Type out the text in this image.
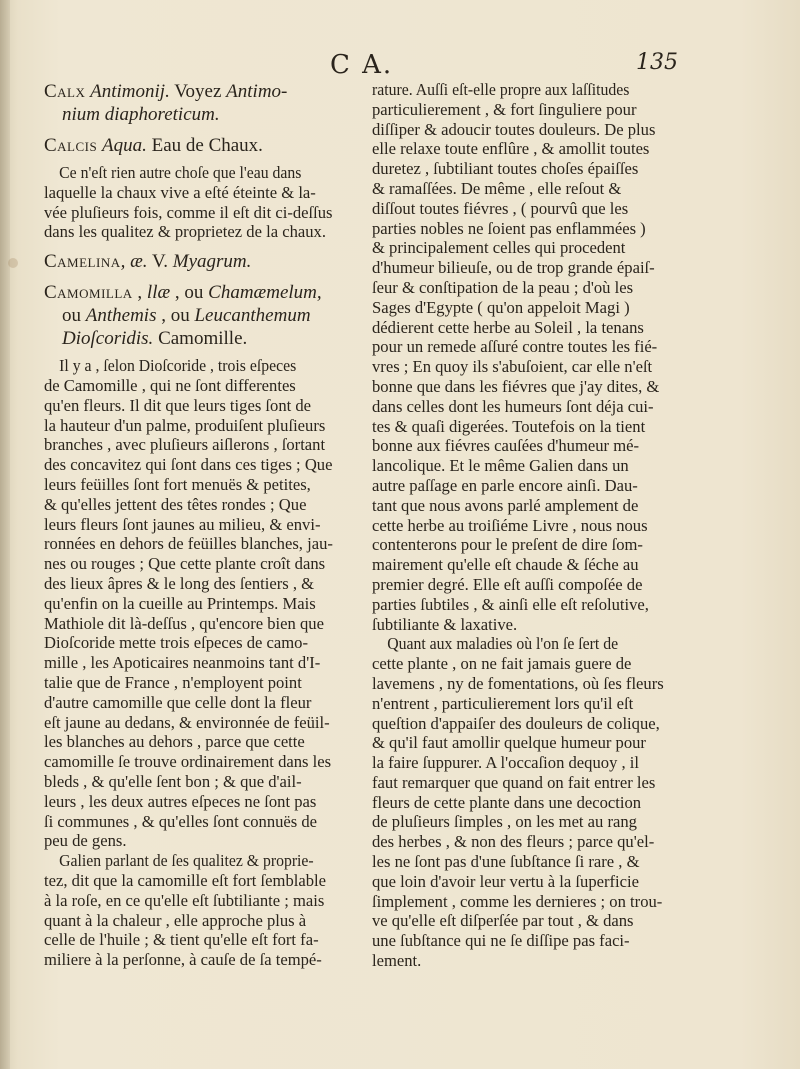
C A.	135
Calx Antimonij. Voyez Antimo-
nium diaphoreticum.
Calcis Aqua. Eau de Chaux.

Ce n'eſt rien autre choſe que l'eau dans
laquelle la chaux vive a eſté éteinte & la-
vée pluſieurs fois, comme il eſt dit ci-deſſus
dans les qualitez & proprietez de la chaux.

Camelina, æ. V. Myagrum.
Camomilla , llæ , ou Chamæmelum,
ou Anthemis , ou Leucanthemum
Dioſcoridis. Camomille.

Il y a , ſelon Dioſcoride , trois eſpeces
de Camomille , qui ne ſont differentes
qu'en fleurs. Il dit que leurs tiges ſont de
la hauteur d'un palme, produiſent pluſieurs
branches , avec pluſieurs aiſlerons , ſortant
des concavitez qui ſont dans ces tiges ; Que
leurs feüilles ſont fort menuës & petites,
& qu'elles jettent des têtes rondes ; Que
leurs fleurs ſont jaunes au milieu, & envi-
ronnées en dehors de feüilles blanches, jau-
nes ou rouges ; Que cette plante croît dans
des lieux âpres & le long des ſentiers , &
qu'enfin on la cueille au Printemps. Mais
Mathiole dit là-deſſus , qu'encore bien que
Dioſcoride mette trois eſpeces de camo-
mille , les Apoticaires neanmoins tant d'I-
talie que de France , n'employent point
d'autre camomille que celle dont la fleur
eſt jaune au dedans, & environnée de feüil-
les blanches au dehors , parce que cette
camomille ſe trouve ordinairement dans les
bleds , & qu'elle ſent bon ; & que d'ail-
leurs , les deux autres eſpeces ne ſont pas
ſi communes , & qu'elles ſont connuës de
peu de gens.

Galien parlant de ſes qualitez & proprie-
tez, dit que la camomille eſt fort ſemblable
à la roſe, en ce qu'elle eſt ſubtiliante ; mais
quant à la chaleur , elle approche plus à
celle de l'huile ; & tient qu'elle eſt fort fa-
miliere à la perſonne, à cauſe de ſa tempé-

rature. Auſſi eſt-elle propre aux laſſitudes
particulierement , & fort ſinguliere pour
diſſiper & adoucir toutes douleurs. De plus
elle relaxe toute enflûre , & amollit toutes
duretez , ſubtiliant toutes choſes épaiſſes
& ramaſſées. De même , elle reſout &
diſſout toutes fiévres , ( pourvû que les
parties nobles ne ſoient pas enflammées )
& principalement celles qui procedent
d'humeur bilieuſe, ou de trop grande épaiſ-
ſeur & conſtipation de la peau ; d'où les
Sages d'Egypte ( qu'on appeloit Magi )
dédierent cette herbe au Soleil , la tenans
pour un remede aſſuré contre toutes les fié-
vres ; En quoy ils s'abuſoient, car elle n'eſt
bonne que dans les fiévres que j'ay dites, &
dans celles dont les humeurs ſont déja cui-
tes & quaſi digerées. Toutefois on la tient
bonne aux fiévres cauſées d'humeur mé-
lancolique. Et le même Galien dans un
autre paſſage en parle encore ainſi. Dau-
tant que nous avons parlé amplement de
cette herbe au troiſiéme Livre , nous nous
contenterons pour le preſent de dire ſom-
mairement qu'elle eſt chaude & ſéche au
premier degré. Elle eſt auſſi compoſée de
parties ſubtiles , & ainſi elle eſt reſolutive,
ſubtiliante & laxative.

Quant aux maladies où l'on ſe ſert de
cette plante , on ne fait jamais guere de
lavemens , ny de fomentations, où ſes fleurs
n'entrent , particulierement lors qu'il eſt
queſtion d'appaiſer des douleurs de colique,
& qu'il faut amollir quelque humeur pour
la faire ſuppurer. A l'occaſion dequoy , il
faut remarquer que quand on fait entrer les
fleurs de cette plante dans une decoction
de pluſieurs ſimples , on les met au rang
des herbes , & non des fleurs ; parce qu'el-
les ne ſont pas d'une ſubſtance ſi rare , &
que loin d'avoir leur vertu à la ſuperficie
ſimplement , comme les dernieres ; on trou-
ve qu'elle eſt diſperſée par tout , & dans
une ſubſtance qui ne ſe diſſipe pas faci-
lement.
